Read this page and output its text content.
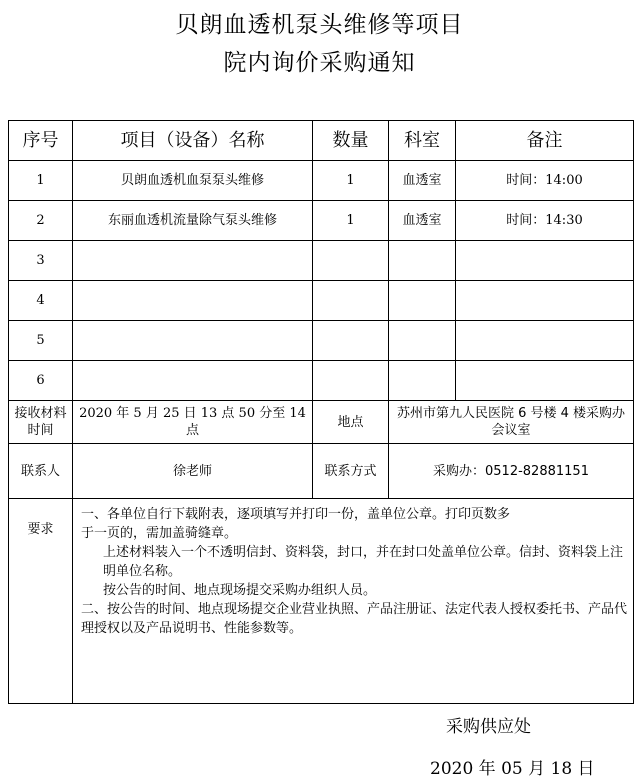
贝朗血透机泵头维修等项目
院内询价采购通知
序号	项目（设备）名称	数量	科室	备注
1	贝朗血透机血泵泵头维修	1	血透室	时间：14:00
2	东丽血透机流量除气泵头维修	1	血透室	时间：14:30
3				
4				
5				
6				
接收材料时间	2020 年 5 月 25 日 13 点 50 分至 14 点	地点	苏州市第九人民医院 6 号楼 4 楼采购办会议室	
联系人	徐老师	联系方式	采购办：0512-82881151	
要求	一、各单位自行下载附表，逐项填写并打印一份，盖单位公章。打印页数多

于一页的，需加盖骑缝章。

上述材料装入一个不透明信封、资料袋，封口，并在封口处盖单位公章。信封、资料袋上注明单位名称。

按公告的时间、地点现场提交采购办组织人员。

二、按公告的时间、地点现场提交企业营业执照、产品注册证、法定代表人授权委托书、产品代理授权以及产品说明书、性能参数等。			

采购供应处
2020 年 05 月 18 日
